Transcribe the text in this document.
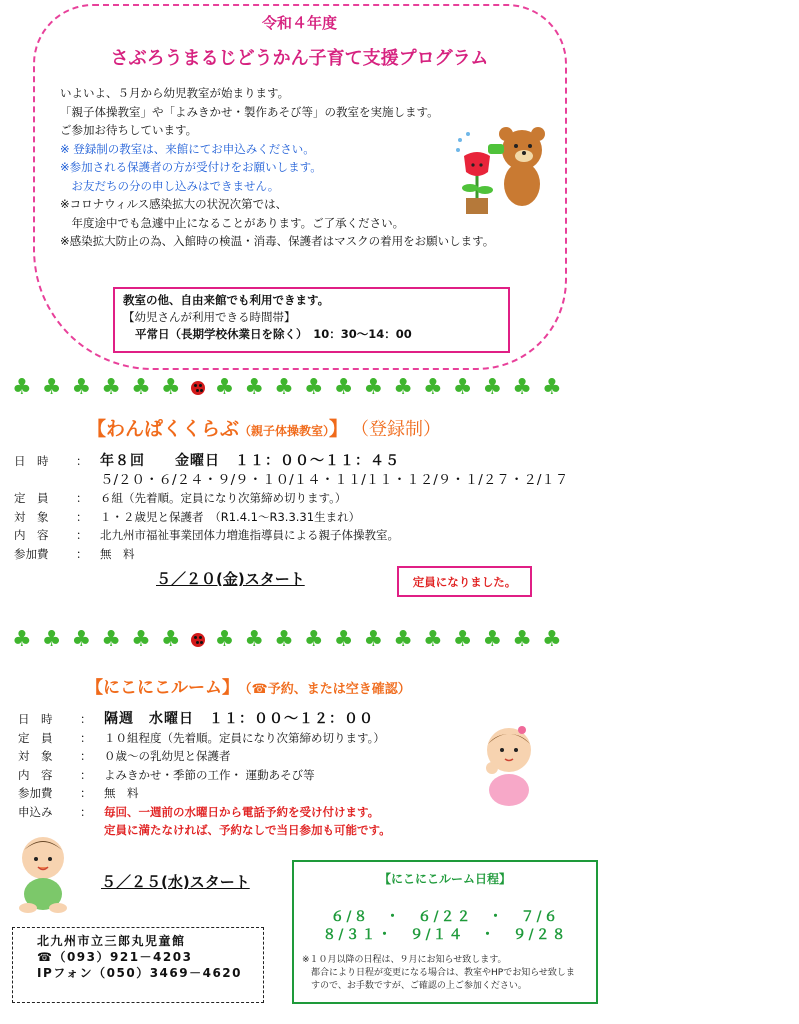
令和４年度
さぶろうまるじどうかん子育て支援プログラム
いよいよ、５月から幼児教室が始まります。
「親子体操教室」や「よみきかせ・製作あそび等」の教室を実施します。
ご参加お待ちしています。
※ 登録制の教室は、来館にてお申込みください。
※参加される保護者の方が受付けをお願いします。
　お友だちの分の申し込みはできません。
※コロナウィルス感染拡大の状況次第では、
　年度途中でも急遽中止になることがあります。ご了承ください。
※感染拡大防止の為、入館時の検温・消毒、保護者はマスクの着用をお願いします。
教室の他、自由来館でも利用できます。
【幼児さんが利用できる時間帯】
平常日（長期学校休業日を除く）　10：30～14：00
♣ ♣ ♣ ♣ ♣ ♣ ♣ ♣ ♣ ♣ ♣ ♣ ♣ ♣ ♣ ♣ ♣ ♣
【わんぱくくらぶ（親子体操教室）】 （登録制）
日　時	： 年８回　　金曜日　１１：００～１１：４５
５/２０・６/２４・９/９・１０/１４・１１/１１・１２/９・１/２７・２/１７
定　員	：	６組（先着順。定員になり次第締め切ります。）
対　象	：	１・２歳児と保護者　（R1.4.1～R3.3.31生まれ）
内　容	：	北九州市福祉事業団体力増進指導員による親子体操教室。
参加費	：	無　料
５／２０(金)スタート	定員になりました。
♣ ♣ ♣ ♣ ♣ ♣ ♣ ♣ ♣ ♣ ♣ ♣ ♣ ♣ ♣ ♣ ♣ ♣
【にこにこルーム】 （☎予約、または空き確認）
日　時	： 隔週　水曜日　１１：００～１２：００
定　員	：	１０組程度（先着順。定員になり次第締め切ります。）
対　象	：	０歳～の乳幼児と保護者
内　容	：	よみきかせ・季節の工作・ 運動あそび等
参加費	：	無　料
申込み	：	毎回、一週前の水曜日から電話予約を受け付けます。
定員に満たなければ、予約なしで当日参加も可能です。
５／２５(水)スタート
北九州市立三郎丸児童館
☎（093）921－4203
IPフォン（050）3469－4620
【にこにこルーム日程】
６/８　・　６/２２　・　７/６
８/３１・　９/１４　・　９/２８
※１０月以降の日程は、９月にお知らせ致します。
　都合により日程が変更になる場合は、教室やHPでお知らせ致しま
　すので、お手数ですが、ご確認の上ご参加ください。
